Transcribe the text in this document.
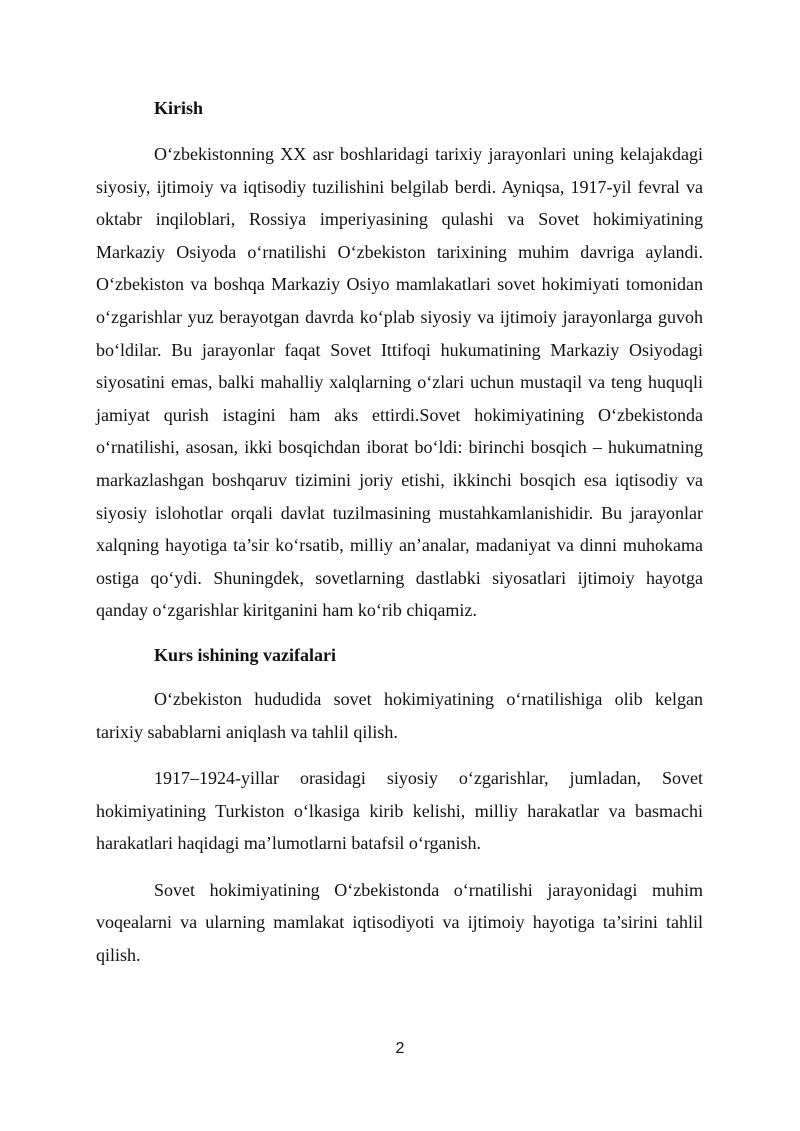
Kirish

O‘zbekistonning XX asr boshlaridagi tarixiy jarayonlari uning kelajakdagi siyosiy, ijtimoiy va iqtisodiy tuzilishini belgilab berdi. Ayniqsa, 1917-yil fevral va oktabr inqiloblari, Rossiya imperiyasining qulashi va Sovet hokimiyatining Markaziy Osiyoda o‘rnatilishi O‘zbekiston tarixining muhim davriga aylandi. O‘zbekiston va boshqa Markaziy Osiyo mamlakatlari sovet hokimiyati tomonidan o‘zgarishlar yuz berayotgan davrda ko‘plab siyosiy va ijtimoiy jarayonlarga guvoh bo‘ldilar. Bu jarayonlar faqat Sovet Ittifoqi hukumatining Markaziy Osiyodagi siyosatini emas, balki mahalliy xalqlarning o‘zlari uchun mustaqil va teng huquqli jamiyat qurish istagini ham aks ettirdi.Sovet hokimiyatining O‘zbekistonda o‘rnatilishi, asosan, ikki bosqichdan iborat bo‘ldi: birinchi bosqich – hukumatning markazlashgan boshqaruv tizimini joriy etishi, ikkinchi bosqich esa iqtisodiy va siyosiy islohotlar orqali davlat tuzilmasining mustahkamlanishidir. Bu jarayonlar xalqning hayotiga ta’sir ko‘rsatib, milliy an’analar, madaniyat va dinni muhokama ostiga qo‘ydi. Shuningdek, sovetlarning dastlabki siyosatlari ijtimoiy hayotga qanday o‘zgarishlar kiritganini ham ko‘rib chiqamiz.

Kurs ishining vazifalari

O‘zbekiston hududida sovet hokimiyatining o‘rnatilishiga olib kelgan tarixiy sabablarni aniqlash va tahlil qilish.

1917–1924-yillar orasidagi siyosiy o‘zgarishlar, jumladan, Sovet hokimiyatining Turkiston o‘lkasiga kirib kelishi, milliy harakatlar va basmachi harakatlari haqidagi ma’lumotlarni batafsil o‘rganish.

Sovet hokimiyatining O‘zbekistonda o‘rnatilishi jarayonidagi muhim voqealarni va ularning mamlakat iqtisodiyoti va ijtimoiy hayotiga ta’sirini tahlil qilish.

2
